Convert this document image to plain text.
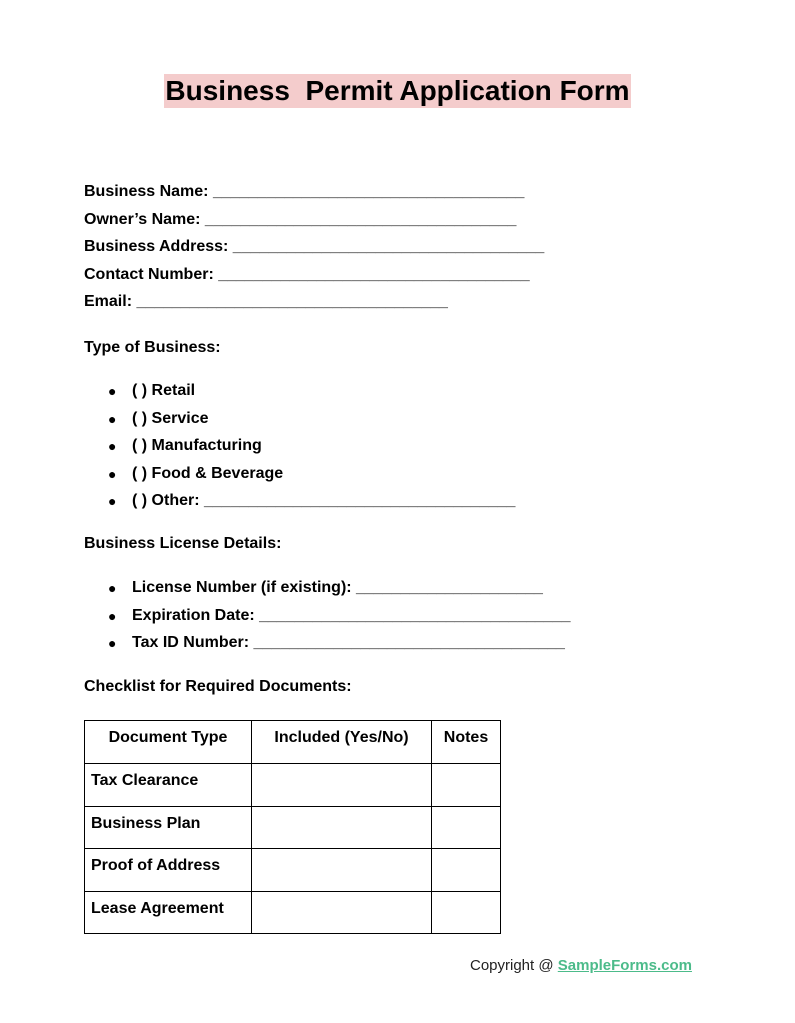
Business  Permit Application Form
Business Name: ___________________________________
Owner’s Name: ___________________________________
Business Address: ___________________________________
Contact Number: ___________________________________
Email: ___________________________________
Type of Business:
● ( ) Retail
● ( ) Service
● ( ) Manufacturing
● ( ) Food & Beverage
● ( ) Other: ___________________________________
Business License Details:
● License Number (if existing): _____________________
● Expiration Date: ___________________________________
● Tax ID Number: ___________________________________
Checklist for Required Documents:
Document Type	Included (Yes/No)	Notes
Tax Clearance		
Business Plan		
Proof of Address		
Lease Agreement		
Copyright @ SampleForms.com
